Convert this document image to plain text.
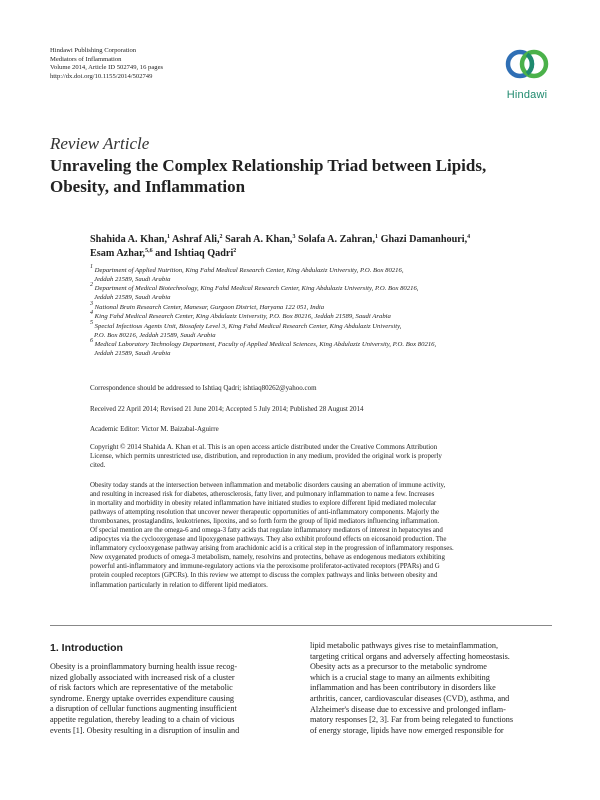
Hindawi Publishing Corporation
Mediators of Inflammation
Volume 2014, Article ID 502749, 16 pages
http://dx.doi.org/10.1155/2014/502749
Hindawi
Review Article
Unraveling the Complex Relationship Triad between Lipids,
Obesity, and Inflammation
Shahida A. Khan,$^1$ Ashraf Ali,$^2$ Sarah A. Khan,$^3$ Solafa A. Zahran,$^1$ Ghazi Damanhouri,$^4$
Esam Azhar,$^{5,6}$ and Ishtiaq Qadri$^2$
$^1$ Department of Applied Nutrition, King Fahd Medical Research Center, King Abdulaziz University, P.O. Box 80216,
Jeddah 21589, Saudi Arabia
$^2$ Department of Medical Biotechnology, King Fahd Medical Research Center, King Abdulaziz University, P.O. Box 80216,
Jeddah 21589, Saudi Arabia
$^3$ National Brain Research Center, Manesar, Gurgaon District, Haryana 122 051, India
$^4$ King Fahd Medical Research Center, King Abdulaziz University, P.O. Box 80216, Jeddah 21589, Saudi Arabia
$^5$ Special Infectious Agents Unit, Biosafety Level 3, King Fahd Medical Research Center, King Abdulaziz University,
P.O. Box 80216, Jeddah 21589, Saudi Arabia
$^6$ Medical Laboratory Technology Department, Faculty of Applied Medical Sciences, King Abdulaziz University, P.O. Box 80216,
Jeddah 21589, Saudi Arabia
Correspondence should be addressed to Ishtiaq Qadri; ishtiaq80262@yahoo.com
Received 22 April 2014; Revised 21 June 2014; Accepted 5 July 2014; Published 28 August 2014
Academic Editor: Victor M. Baizabal-Aguirre
Copyright © 2014 Shahida A. Khan et al. This is an open access article distributed under the Creative Commons Attribution
License, which permits unrestricted use, distribution, and reproduction in any medium, provided the original work is properly
cited.
Obesity today stands at the intersection between inflammation and metabolic disorders causing an aberration of immune activity,
and resulting in increased risk for diabetes, atherosclerosis, fatty liver, and pulmonary inflammation to name a few. Increases
in mortality and morbidity in obesity related inflammation have initiated studies to explore different lipid mediated molecular
pathways of attempting resolution that uncover newer therapeutic opportunities of anti-inflammatory components. Majorly the
thromboxanes, prostaglandins, leukotrienes, lipoxins, and so forth form the group of lipid mediators influencing inflammation.
Of special mention are the omega-6 and omega-3 fatty acids that regulate inflammatory mediators of interest in hepatocytes and
adipocytes via the cyclooxygenase and lipoxygenase pathways. They also exhibit profound effects on eicosanoid production. The
inflammatory cyclooxygenase pathway arising from arachidonic acid is a critical step in the progression of inflammatory responses.
New oxygenated products of omega-3 metabolism, namely, resolvins and protectins, behave as endogenous mediators exhibiting
powerful anti-inflammatory and immune-regulatory actions via the peroxisome proliferator-activated receptors (PPARs) and G
protein coupled receptors (GPCRs). In this review we attempt to discuss the complex pathways and links between obesity and
inflammation particularly in relation to different lipid mediators.
1. Introduction
Obesity is a proinflammatory burning health issue recog-
nized globally associated with increased risk of a cluster
of risk factors which are representative of the metabolic
syndrome. Energy uptake overrides expenditure causing
a disruption of cellular functions augmenting insufficient
appetite regulation, thereby leading to a chain of vicious
events [1]. Obesity resulting in a disruption of insulin and
lipid metabolic pathways gives rise to metainflammation,
targeting critical organs and adversely affecting homeostasis.
Obesity acts as a precursor to the metabolic syndrome
which is a crucial stage to many an ailments exhibiting
inflammation and has been contributory in disorders like
arthritis, cancer, cardiovascular diseases (CVD), asthma, and
Alzheimer's disease due to excessive and prolonged inflam-
matory responses [2, 3]. Far from being relegated to functions
of energy storage, lipids have now emerged responsible for
